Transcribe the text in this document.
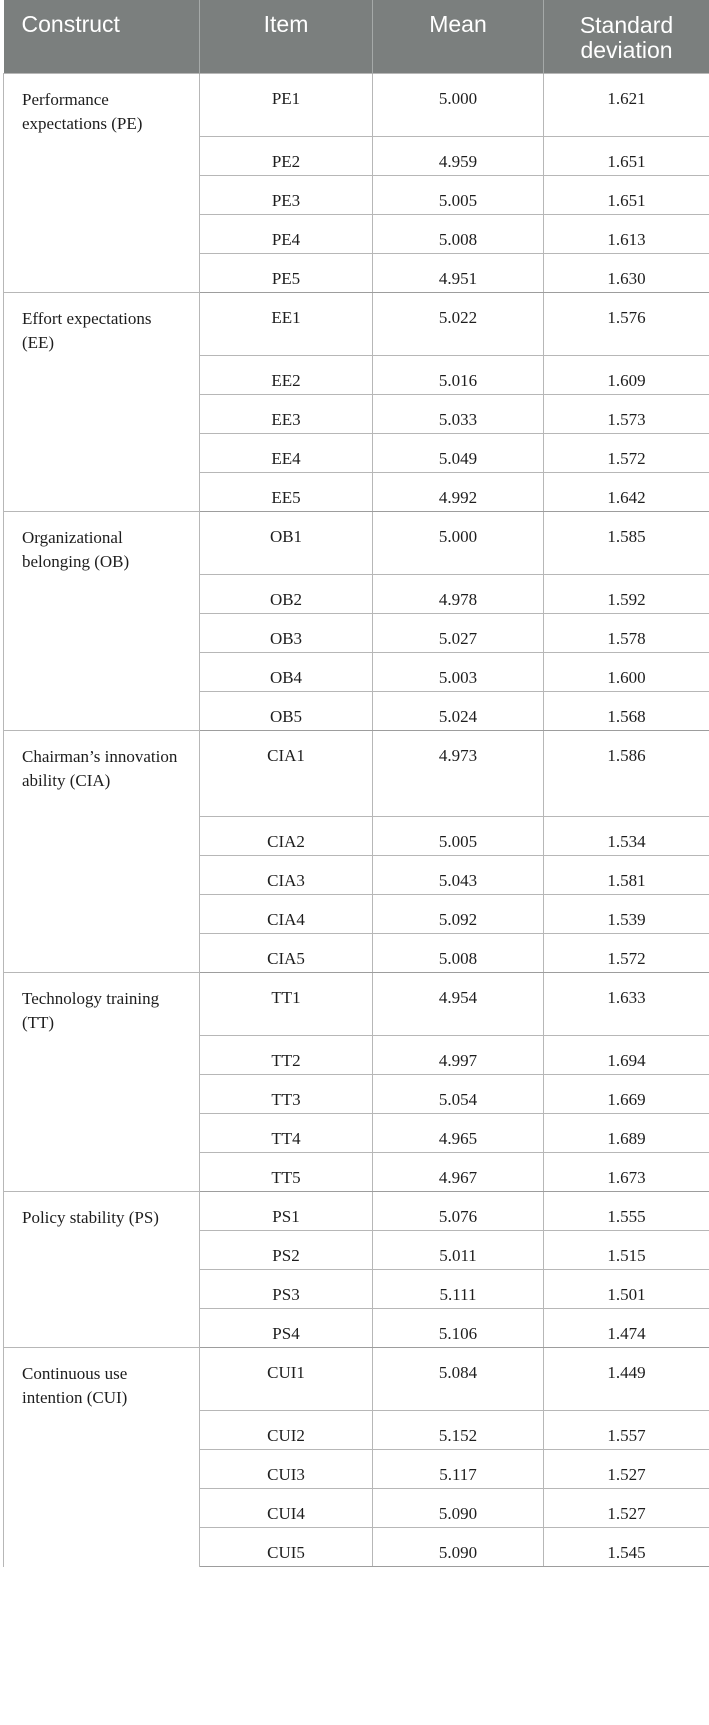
Construct	Item	Mean	Standard deviation
Performance expectations (PE)	PE1	5.000	1.621
	PE2	4.959	1.651
	PE3	5.005	1.651
	PE4	5.008	1.613
	PE5	4.951	1.630
Effort expectations (EE)	EE1	5.022	1.576
	EE2	5.016	1.609
	EE3	5.033	1.573
	EE4	5.049	1.572
	EE5	4.992	1.642
Organizational belonging (OB)	OB1	5.000	1.585
	OB2	4.978	1.592
	OB3	5.027	1.578
	OB4	5.003	1.600
	OB5	5.024	1.568
Chairman’s innovation ability (CIA)	CIA1	4.973	1.586
	CIA2	5.005	1.534
	CIA3	5.043	1.581
	CIA4	5.092	1.539
	CIA5	5.008	1.572
Technology training (TT)	TT1	4.954	1.633
	TT2	4.997	1.694
	TT3	5.054	1.669
	TT4	4.965	1.689
	TT5	4.967	1.673
Policy stability (PS)	PS1	5.076	1.555
	PS2	5.011	1.515
	PS3	5.111	1.501
	PS4	5.106	1.474
Continuous use intention (CUI)	CUI1	5.084	1.449
	CUI2	5.152	1.557
	CUI3	5.117	1.527
	CUI4	5.090	1.527
	CUI5	5.090	1.545
